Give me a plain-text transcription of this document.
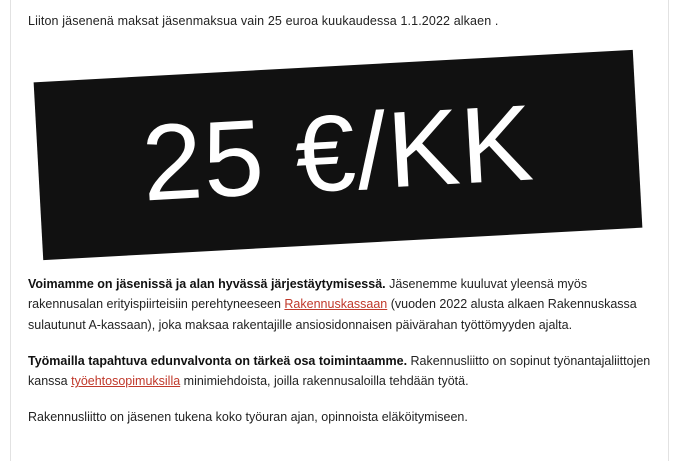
Liiton jäsenenä maksat jäsenmaksua vain 25 euroa kuukaudessa 1.1.2022 alkaen .

25 €/KK

Voimamme on jäsenissä ja alan hyvässä järjestäytymisessä. Jäsenemme kuuluvat yleensä myös rakennusalan erityispiirteisiin perehtyneeseen Rakennuskassaan (vuoden 2022 alusta alkaen Rakennuskassa sulautunut A-kassaan), joka maksaa rakentajille ansiosidonnaisen päivärahan työttömyyden ajalta.

Työmailla tapahtuva edunvalvonta on tärkeä osa toimintaamme. Rakennusliitto on sopinut työnantajaliittojen kanssa työehtosopimuksilla minimiehdoista, joilla rakennusaloilla tehdään työtä.

Rakennusliitto on jäsenen tukena koko työuran ajan, opinnoista eläköitymiseen.
